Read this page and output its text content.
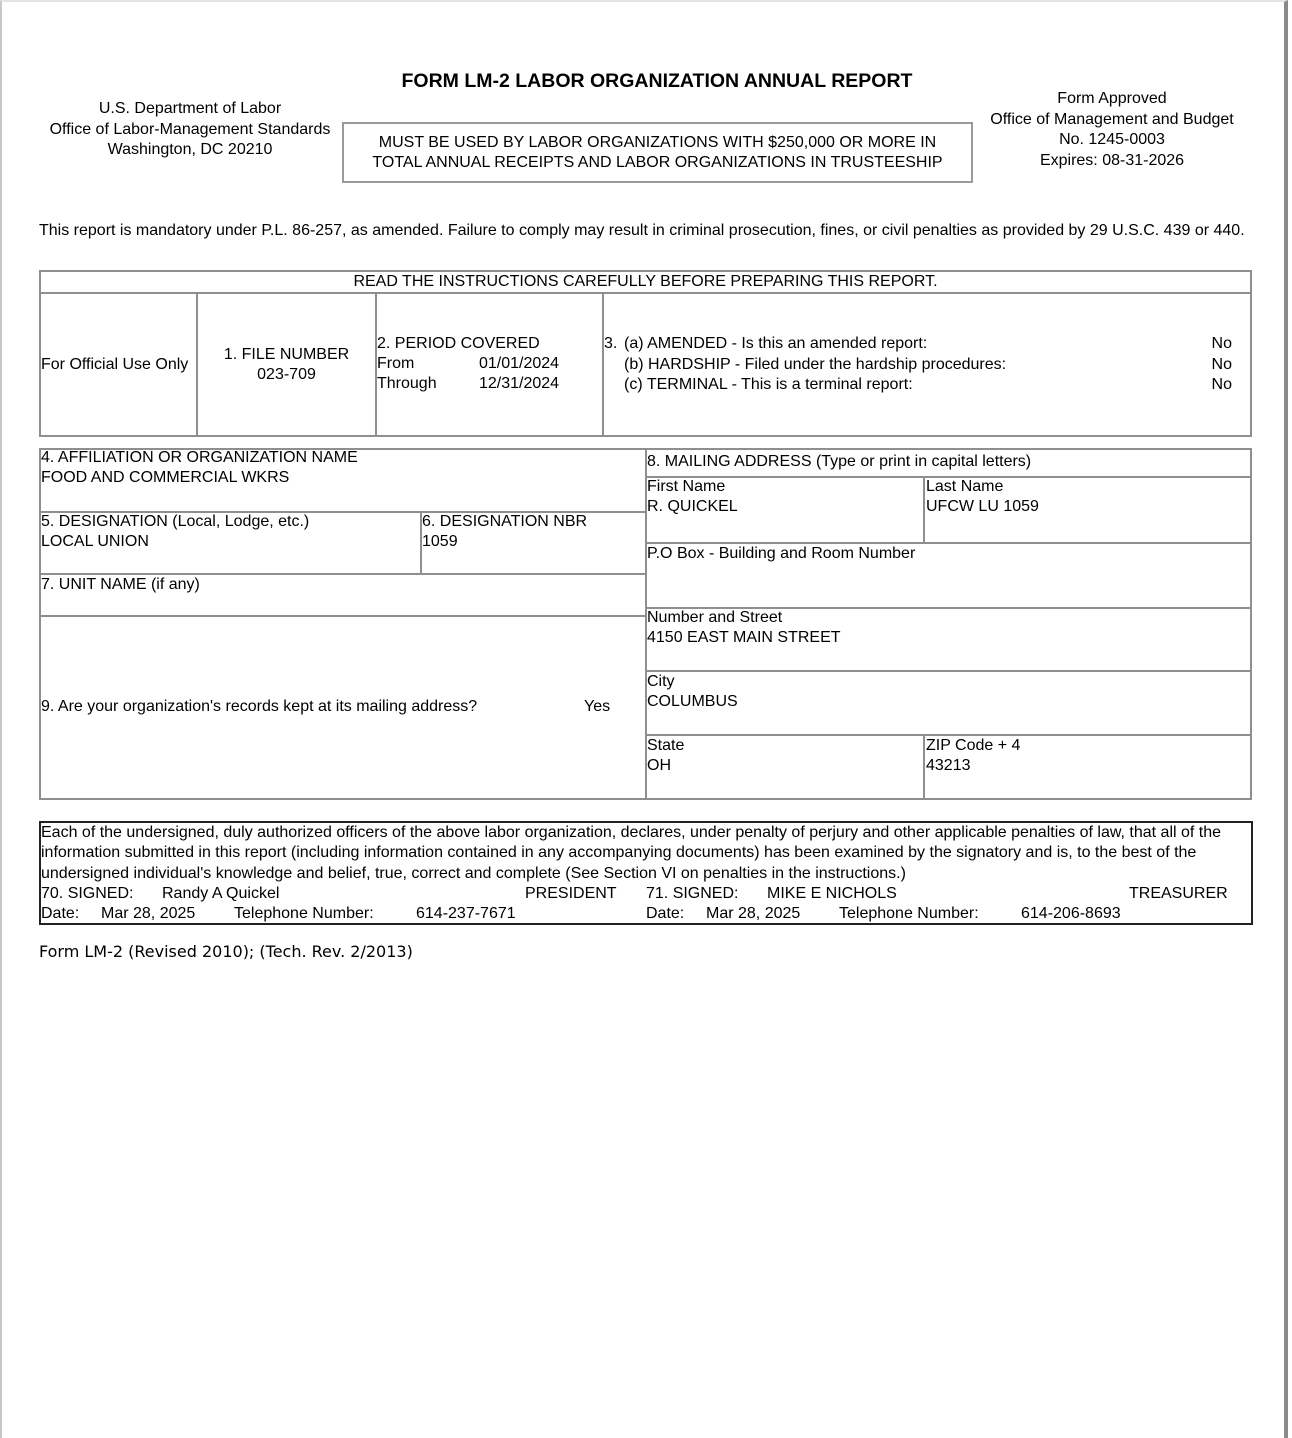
FORM LM-2 LABOR ORGANIZATION ANNUAL REPORT
U.S. Department of Labor
Office of Labor-Management Standards
Washington, DC 20210	MUST BE USED BY LABOR ORGANIZATIONS WITH $250,000 OR MORE IN
TOTAL ANNUAL RECEIPTS AND LABOR ORGANIZATIONS IN TRUSTEESHIP
Form Approved
Office of Management and Budget
No. 1245-0003
Expires: 08-31-2026
This report is mandatory under P.L. 86-257, as amended. Failure to comply may result in criminal prosecution, fines, or civil penalties as provided by 29 U.S.C. 439 or 440.
READ THE INSTRUCTIONS CAREFULLY BEFORE PREPARING THIS REPORT.
For Official Use Only
1. FILE NUMBER
023-709
2. PERIOD COVERED
From	01/01/2024
Through	12/31/2024
3. (a) AMENDED - Is this an amended report:	No
(b) HARDSHIP - Filed under the hardship procedures:	No
(c) TERMINAL - This is a terminal report:	No
4. AFFILIATION OR ORGANIZATION NAME
FOOD AND COMMERCIAL WKRS
5. DESIGNATION (Local, Lodge, etc.)
LOCAL UNION
6. DESIGNATION NBR
1059
7. UNIT NAME (if any)
9. Are your organization's records kept at its mailing address?	Yes
8. MAILING ADDRESS (Type or print in capital letters)
First Name
R. QUICKEL
Last Name
UFCW LU 1059
P.O Box - Building and Room Number
Number and Street
4150 EAST MAIN STREET
City
COLUMBUS
State
OH
ZIP Code + 4
43213
Each of the undersigned, duly authorized officers of the above labor organization, declares, under penalty of perjury and other applicable penalties of law, that all of the information submitted in this report (including information contained in any accompanying documents) has been examined by the signatory and is, to the best of the undersigned individual's knowledge and belief, true, correct and complete (See Section VI on penalties in the instructions.)
70. SIGNED: Randy A Quickel	PRESIDENT
Date: Mar 28, 2025 Telephone Number:	614-237-7671
71. SIGNED: MIKE E NICHOLS	TREASURER
Date: Mar 28, 2025 Telephone Number:	614-206-8693
Form LM-2 (Revised 2010); (Tech. Rev. 2/2013)
